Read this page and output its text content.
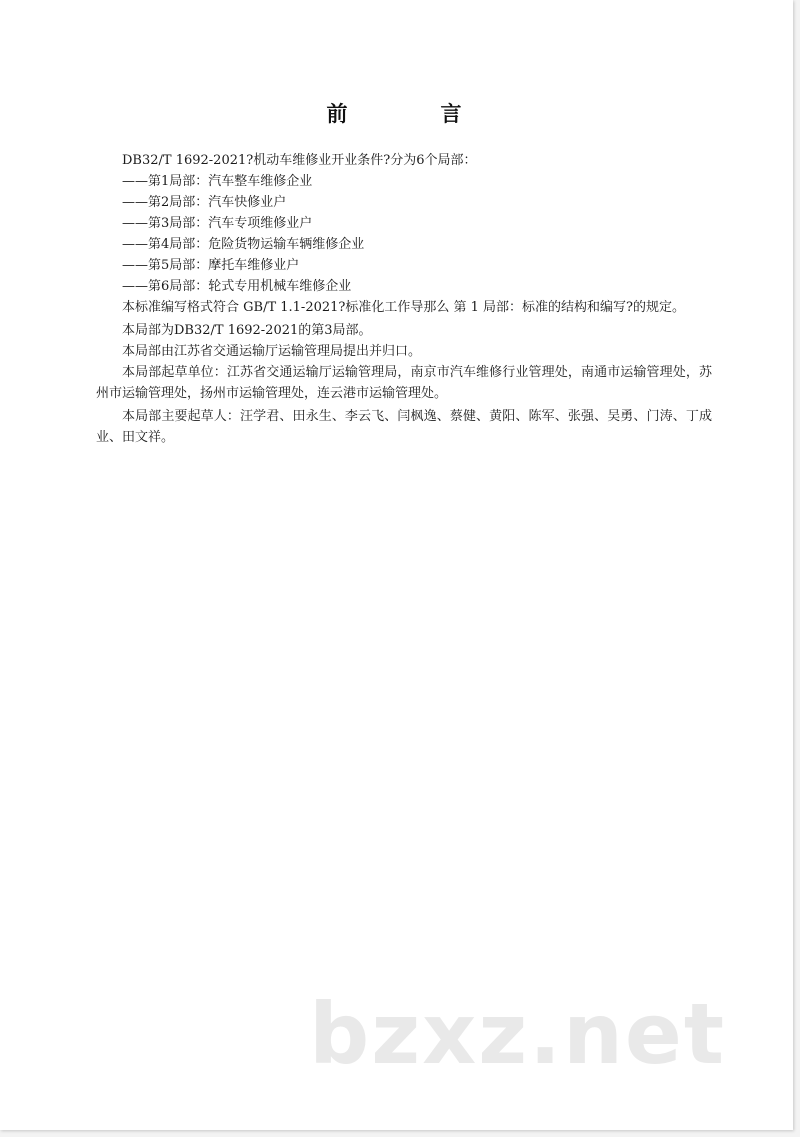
前　言
DB32/T 1692-2021?机动车维修业开业条件?分为6个局部：
——第1局部：汽车整车维修企业
——第2局部：汽车快修业户
——第3局部：汽车专项维修业户
——第4局部：危险货物运输车辆维修企业
——第5局部：摩托车维修业户
——第6局部：轮式专用机械车维修企业
本标准编写格式符合 GB/T 1.1-2021?标准化工作导那么 第 1 局部：标准的结构和编写?的规定。
本局部为DB32/T 1692-2021的第3局部。
本局部由江苏省交通运输厅运输管理局提出并归口。
本局部起草单位：江苏省交通运输厅运输管理局，南京市汽车维修行业管理处，南通市运输管理处，苏州市运输管理处，扬州市运输管理处，连云港市运输管理处。
本局部主要起草人：汪学君、田永生、李云飞、闫枫逸、蔡健、黄阳、陈军、张强、吴勇、门涛、丁成业、田文祥。
bzxz.net
